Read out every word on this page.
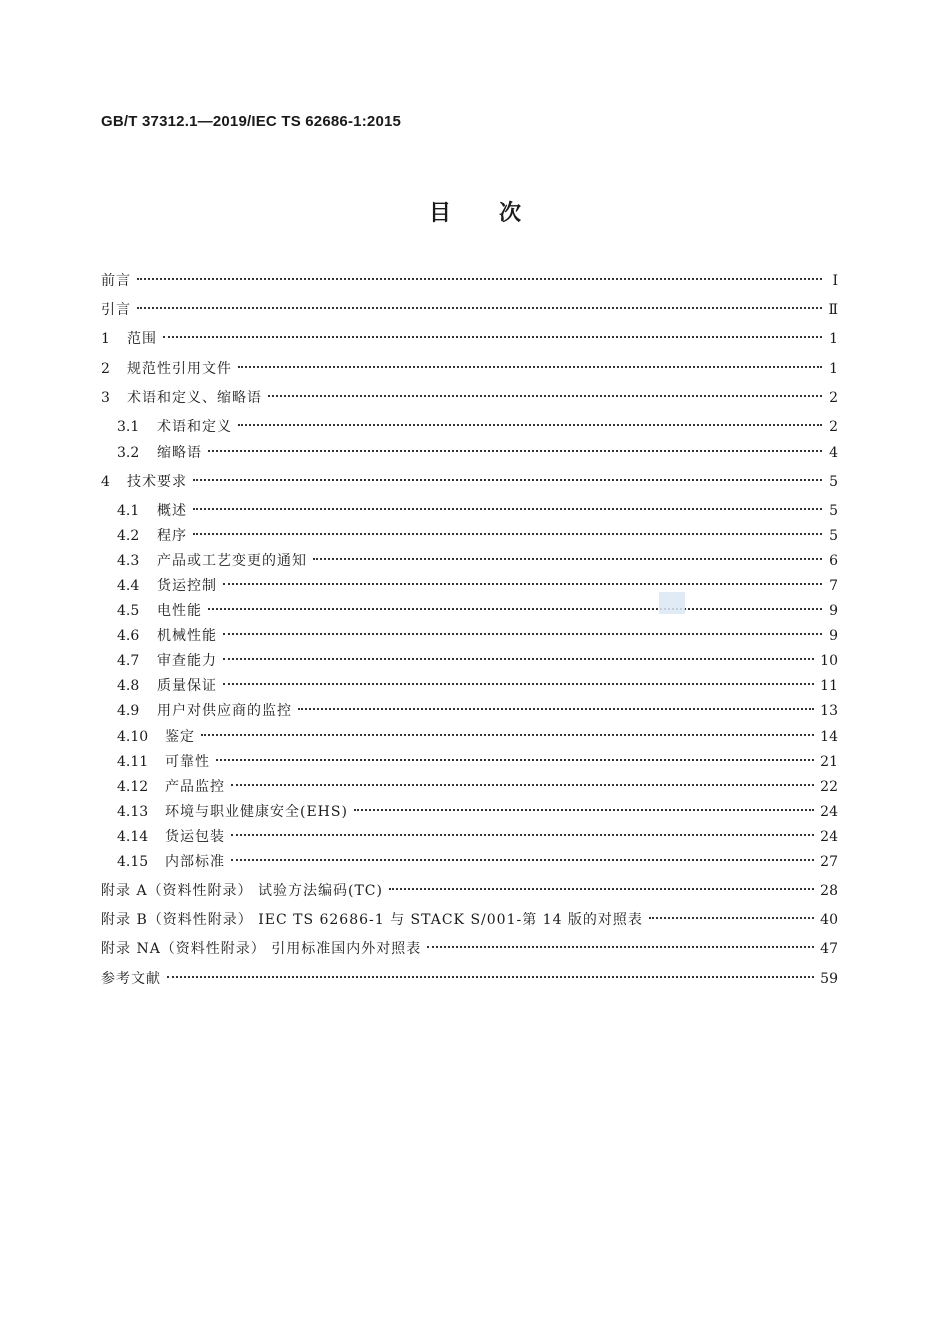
GB/T 37312.1—2019/IEC TS 62686-1:2015
目次
前言	Ⅰ
引言	Ⅱ
1	范围	1
2	规范性引用文件	1
3	术语和定义、缩略语	2
3.1	术语和定义	2
3.2	缩略语	4
4	技术要求	5
4.1	概述	5
4.2	程序	5
4.3	产品或工艺变更的通知	6
4.4	货运控制	7
4.5	电性能	9
4.6	机械性能	9
4.7	审查能力	10
4.8	质量保证	11
4.9	用户对供应商的监控	13
4.10	鉴定	14
4.11	可靠性	21
4.12	产品监控	22
4.13	环境与职业健康安全(EHS)	24
4.14	货运包装	24
4.15	内部标准	27
附录 A（资料性附录） 试验方法编码(TC)	28
附录 B（资料性附录） IEC TS 62686-1 与 STACK S/001-第 14 版的对照表	40
附录 NA（资料性附录） 引用标准国内外对照表	47
参考文献	59
